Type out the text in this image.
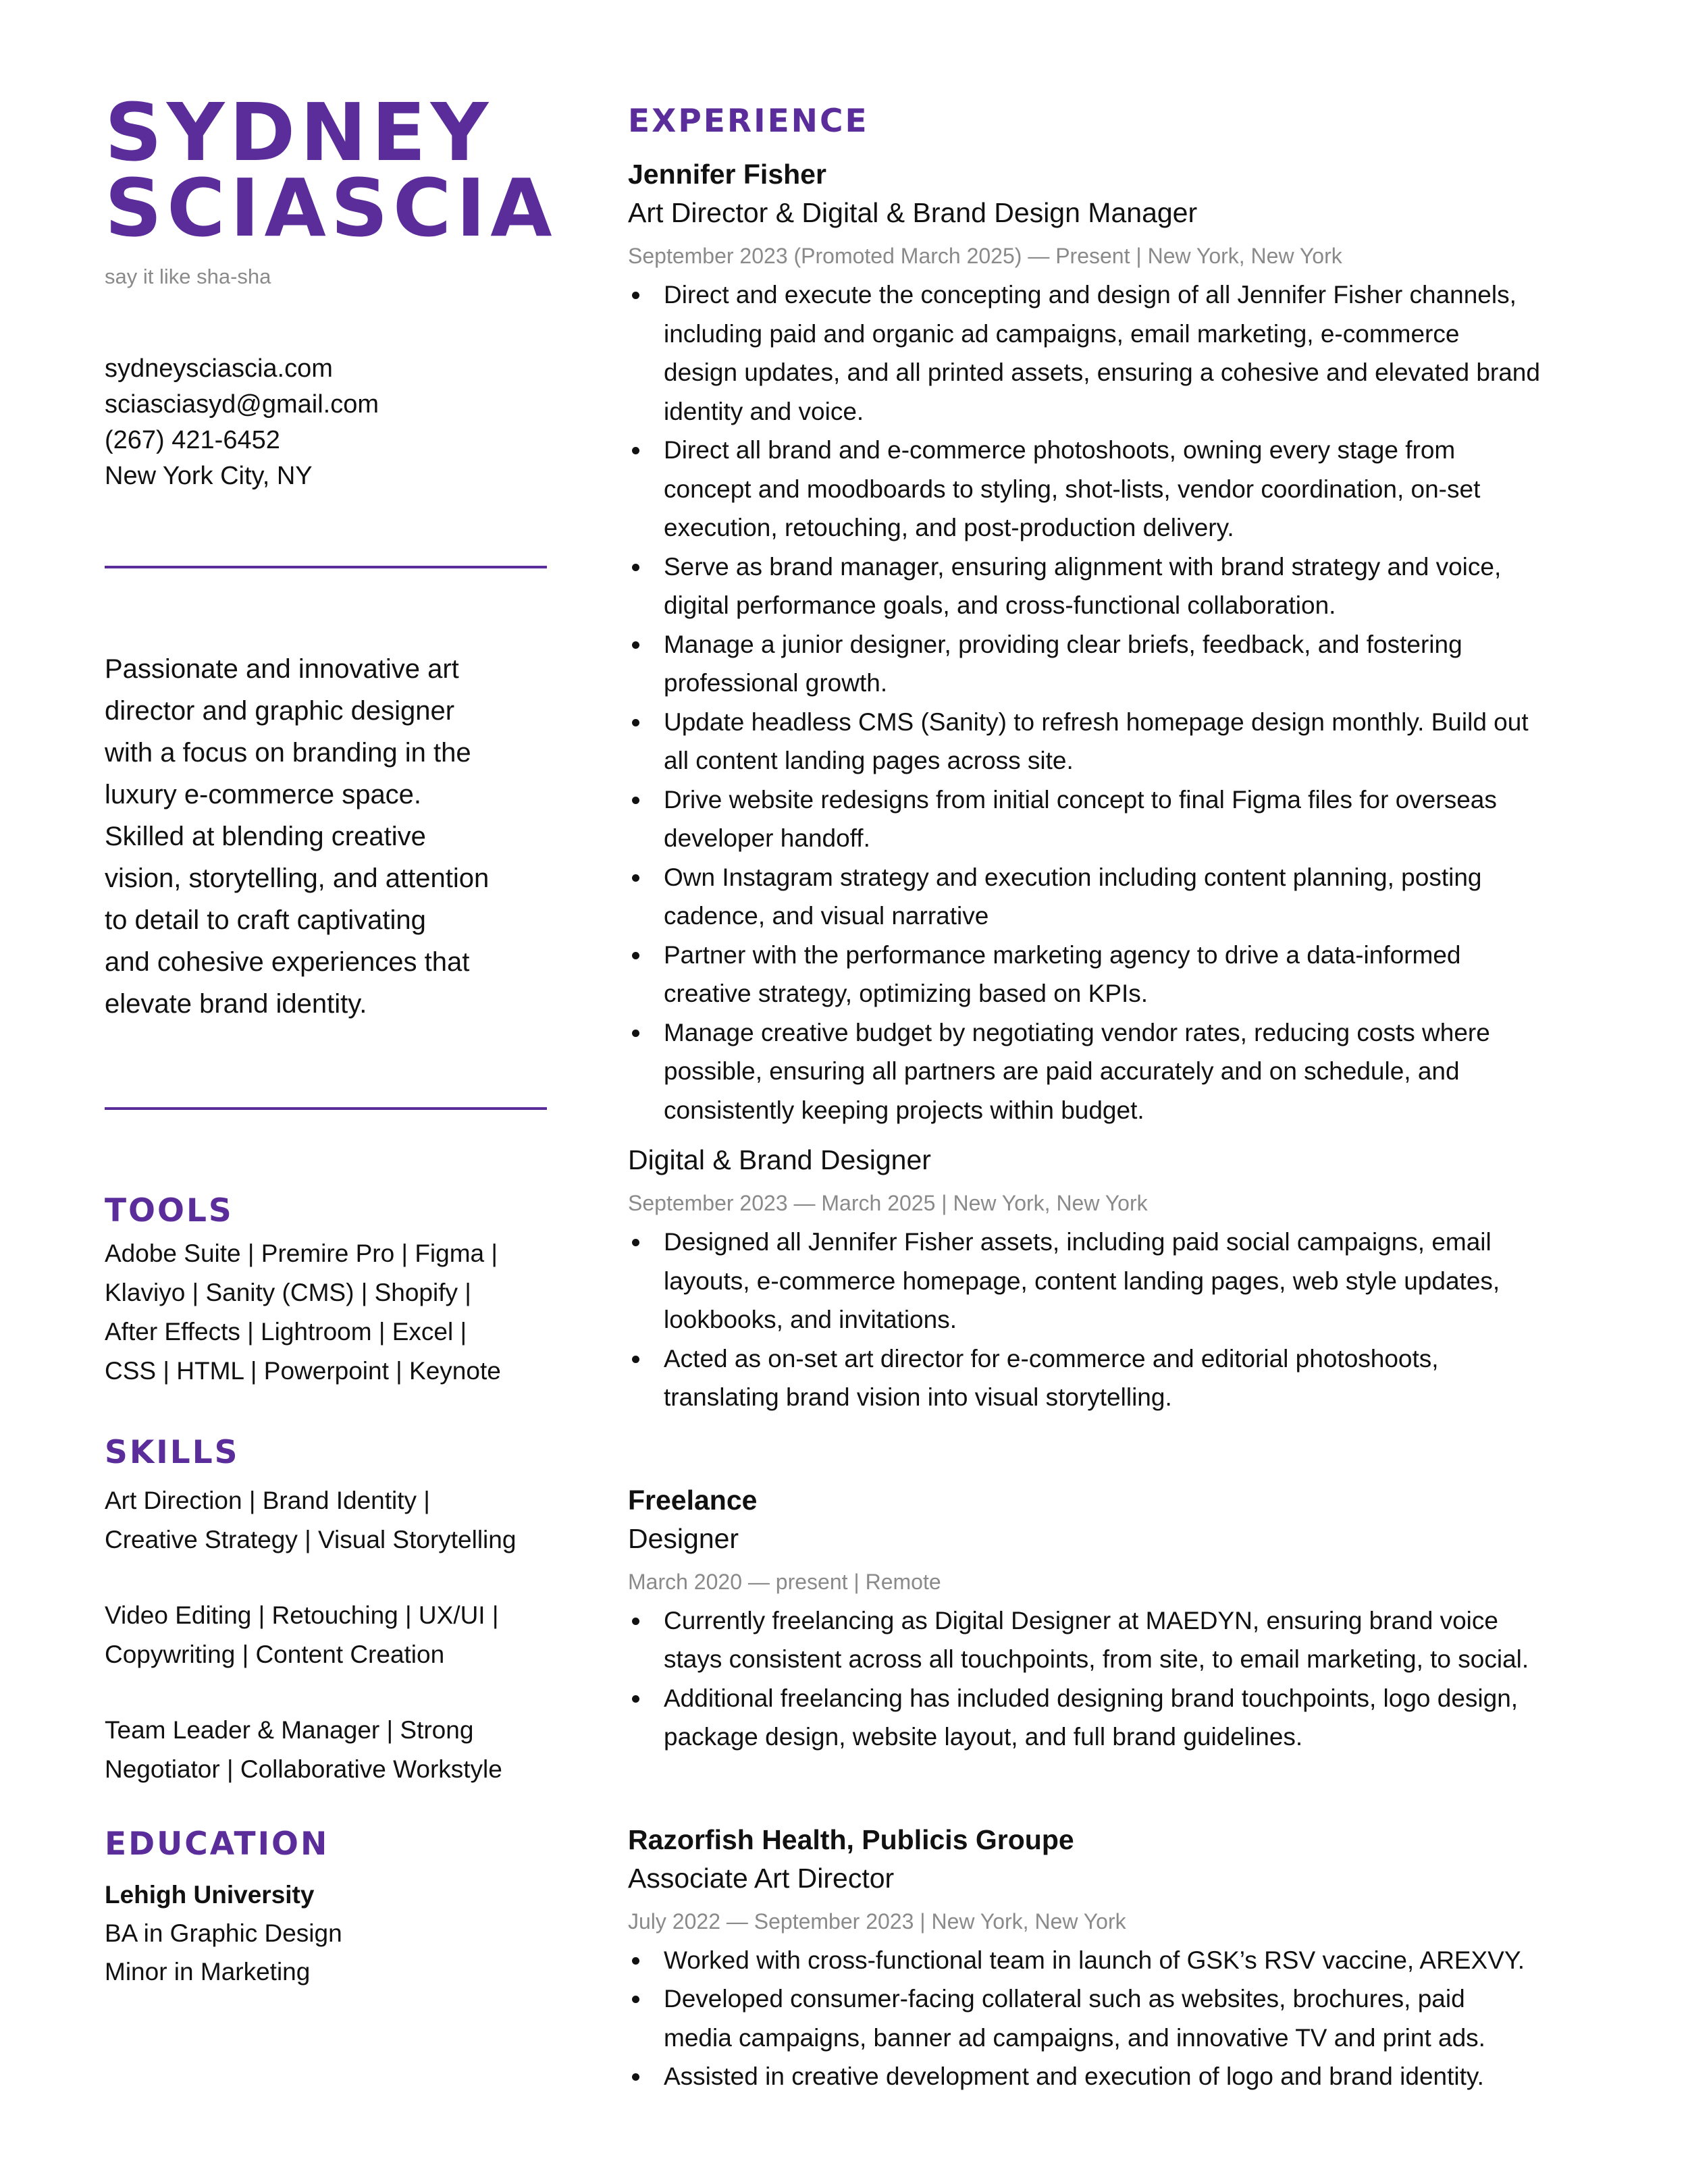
SYDNEY
SCIASCIA
say it like sha-sha
sydneysciascia.com
sciasciasyd@gmail.com
(267) 421-6452
New York City, NY
Passionate and innovative art
director and graphic designer
with a focus on branding in the
luxury e-commerce space.
Skilled at blending creative
vision, storytelling, and attention
to detail to craft captivating
and cohesive experiences that
elevate brand identity.
TOOLS
Adobe Suite | Premire Pro | Figma |
Klaviyo | Sanity (CMS) | Shopify |
After Effects | Lightroom | Excel |
CSS | HTML | Powerpoint | Keynote
SKILLS
Art Direction | Brand Identity |
Creative Strategy | Visual Storytelling
Video Editing | Retouching | UX/UI |
Copywriting | Content Creation
Team Leader & Manager | Strong
Negotiator | Collaborative Workstyle
EDUCATION
Lehigh University
BA in Graphic Design
Minor in Marketing
EXPERIENCE
Jennifer Fisher
Art Director & Digital & Brand Design Manager
September 2023 (Promoted March 2025) — Present | New York, New York
Direct and execute the concepting and design of all Jennifer Fisher channels,
including paid and organic ad campaigns, email marketing, e-commerce
design updates, and all printed assets, ensuring a cohesive and elevated brand
identity and voice.
Direct all brand and e-commerce photoshoots, owning every stage from
concept and moodboards to styling, shot-lists, vendor coordination, on-set
execution, retouching, and post-production delivery.
Serve as brand manager, ensuring alignment with brand strategy and voice,
digital performance goals, and cross-functional collaboration.
Manage a junior designer, providing clear briefs, feedback, and fostering
professional growth.
Update headless CMS (Sanity) to refresh homepage design monthly. Build out
all content landing pages across site.
Drive website redesigns from initial concept to final Figma files for overseas
developer handoff.
Own Instagram strategy and execution including content planning, posting
cadence, and visual narrative
Partner with the performance marketing agency to drive a data-informed
creative strategy, optimizing based on KPIs.
Manage creative budget by negotiating vendor rates, reducing costs where
possible, ensuring all partners are paid accurately and on schedule, and
consistently keeping projects within budget.
Digital & Brand Designer
September 2023 — March 2025 | New York, New York
Designed all Jennifer Fisher assets, including paid social campaigns, email
layouts, e-commerce homepage, content landing pages, web style updates,
lookbooks, and invitations.
Acted as on-set art director for e-commerce and editorial photoshoots,
translating brand vision into visual storytelling.
Freelance
Designer
March 2020 — present | Remote
Currently freelancing as Digital Designer at MAEDYN, ensuring brand voice
stays consistent across all touchpoints, from site, to email marketing, to social.
Additional freelancing has included designing brand touchpoints, logo design,
package design, website layout, and full brand guidelines.
Razorfish Health, Publicis Groupe
Associate Art Director
July 2022 — September 2023 | New York, New York
Worked with cross-functional team in launch of GSK’s RSV vaccine, AREXVY.
Developed consumer-facing collateral such as websites, brochures, paid
media campaigns, banner ad campaigns, and innovative TV and print ads.
Assisted in creative development and execution of logo and brand identity.
